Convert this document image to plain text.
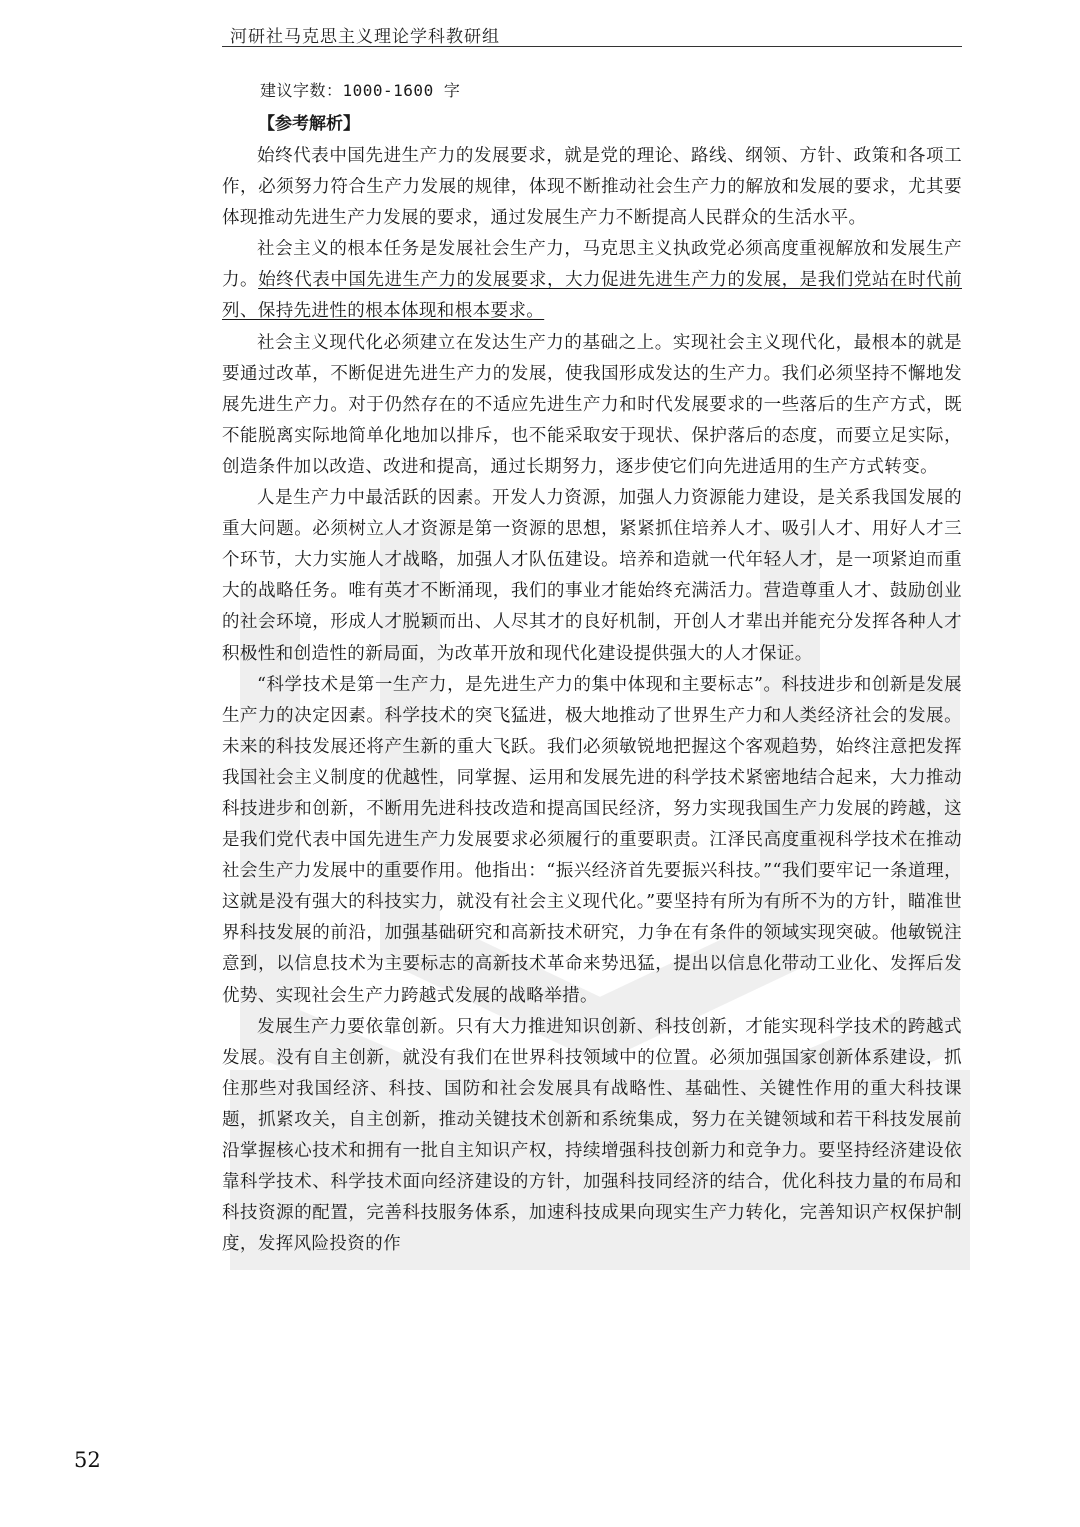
河研社马克思主义理论学科教研组
建议字数：1000-1600 字
【参考解析】

始终代表中国先进生产力的发展要求，就是党的理论、路线、纲领、方针、政策和各项工作，必须努力符合生产力发展的规律，体现不断推动社会生产力的解放和发展的要求，尤其要体现推动先进生产力发展的要求，通过发展生产力不断提高人民群众的生活水平。

社会主义的根本任务是发展社会生产力，马克思主义执政党必须高度重视解放和发展生产力。始终代表中国先进生产力的发展要求，大力促进先进生产力的发展，是我们党站在时代前列、保持先进性的根本体现和根本要求。

社会主义现代化必须建立在发达生产力的基础之上。实现社会主义现代化，最根本的就是要通过改革，不断促进先进生产力的发展，使我国形成发达的生产力。我们必须坚持不懈地发展先进生产力。对于仍然存在的不适应先进生产力和时代发展要求的一些落后的生产方式，既不能脱离实际地简单化地加以排斥，也不能采取安于现状、保护落后的态度，而要立足实际，创造条件加以改造、改进和提高，通过长期努力，逐步使它们向先进适用的生产方式转变。

人是生产力中最活跃的因素。开发人力资源，加强人力资源能力建设，是关系我国发展的重大问题。必须树立人才资源是第一资源的思想，紧紧抓住培养人才、吸引人才、用好人才三个环节，大力实施人才战略，加强人才队伍建设。培养和造就一代年轻人才，是一项紧迫而重大的战略任务。唯有英才不断涌现，我们的事业才能始终充满活力。营造尊重人才、鼓励创业的社会环境，形成人才脱颖而出、人尽其才的良好机制，开创人才辈出并能充分发挥各种人才积极性和创造性的新局面，为改革开放和现代化建设提供强大的人才保证。

“科学技术是第一生产力，是先进生产力的集中体现和主要标志”。科技进步和创新是发展生产力的决定因素。科学技术的突飞猛进，极大地推动了世界生产力和人类经济社会的发展。未来的科技发展还将产生新的重大飞跃。我们必须敏锐地把握这个客观趋势，始终注意把发挥我国社会主义制度的优越性，同掌握、运用和发展先进的科学技术紧密地结合起来，大力推动科技进步和创新，不断用先进科技改造和提高国民经济，努力实现我国生产力发展的跨越，这是我们党代表中国先进生产力发展要求必须履行的重要职责。江泽民高度重视科学技术在推动社会生产力发展中的重要作用。他指出：“振兴经济首先要振兴科技。”“我们要牢记一条道理，这就是没有强大的科技实力，就没有社会主义现代化。”要坚持有所为有所不为的方针，瞄准世界科技发展的前沿，加强基础研究和高新技术研究，力争在有条件的领域实现突破。他敏锐注意到，以信息技术为主要标志的高新技术革命来势迅猛，提出以信息化带动工业化、发挥后发优势、实现社会生产力跨越式发展的战略举措。

发展生产力要依靠创新。只有大力推进知识创新、科技创新，才能实现科学技术的跨越式发展。没有自主创新，就没有我们在世界科技领域中的位置。必须加强国家创新体系建设，抓住那些对我国经济、科技、国防和社会发展具有战略性、基础性、关键性作用的重大科技课题，抓紧攻关，自主创新，推动关键技术创新和系统集成，努力在关键领域和若干科技发展前沿掌握核心技术和拥有一批自主知识产权，持续增强科技创新力和竞争力。要坚持经济建设依靠科学技术、科学技术面向经济建设的方针，加强科技同经济的结合，优化科技力量的布局和科技资源的配置，完善科技服务体系，加速科技成果向现实生产力转化，完善知识产权保护制度，发挥风险投资的作

52
